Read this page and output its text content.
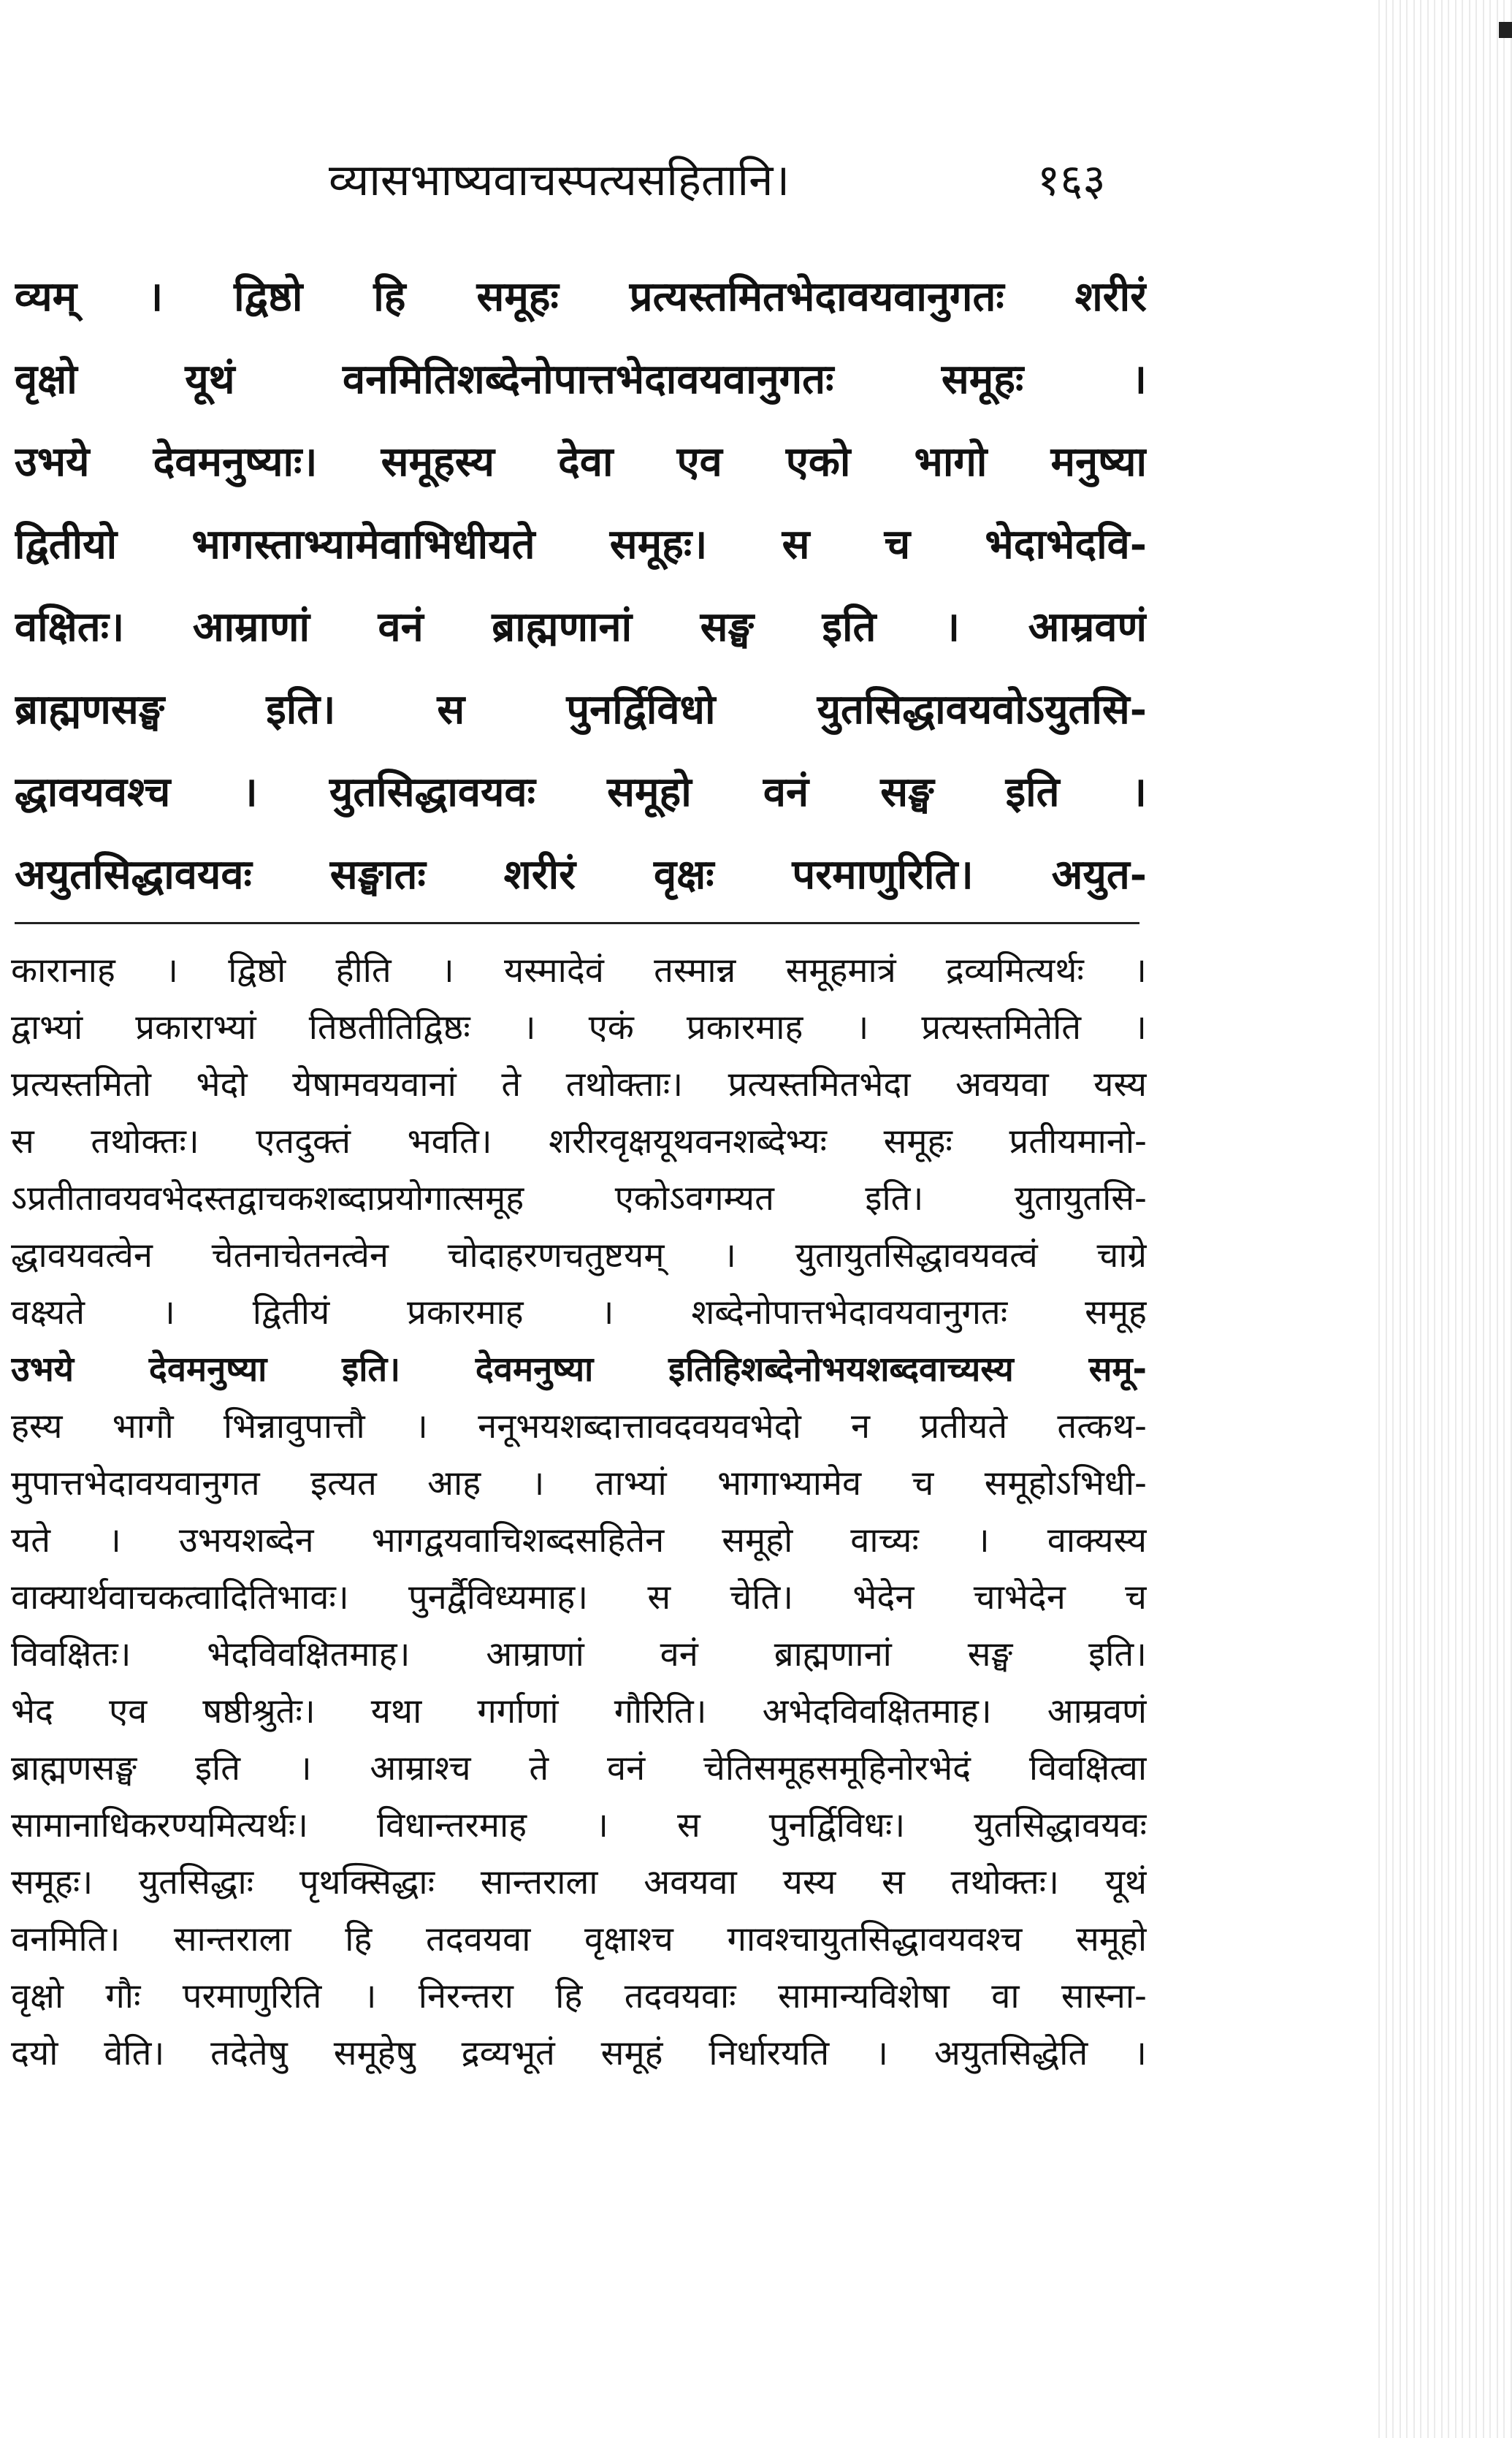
व्यासभाष्यवाचस्पत्यसहितानि।	१६३
व्यम् । द्विष्ठो हि समूहः प्रत्यस्तमितभेदावयवानुगतः शरीरं
वृक्षो यूथं वनमितिशब्देनोपात्तभेदावयवानुगतः समूहः ।
उभये देवमनुष्याः। समूहस्य देवा एव एको भागो मनुष्या
द्वितीयो भागस्ताभ्यामेवाभिधीयते समूहः। स च भेदाभेदवि-
वक्षितः। आम्राणां वनं ब्राह्मणानां सङ्घ इति । आम्रवणं
ब्राह्मणसङ्घ इति। स पुनर्द्विविधो युतसिद्धावयवोऽयुतसि-
द्धावयवश्च । युतसिद्धावयवः समूहो वनं सङ्घ इति ।
अयुतसिद्धावयवः सङ्घातः शरीरं वृक्षः परमाणुरिति। अयुत-
कारानाह । द्विष्ठो हीति । यस्मादेवं तस्मान्न समूहमात्रं द्रव्यमित्यर्थः ।
द्वाभ्यां प्रकाराभ्यां तिष्ठतीतिद्विष्ठः । एकं प्रकारमाह । प्रत्यस्तमितेति ।
प्रत्यस्तमितो भेदो येषामवयवानां ते तथोक्ताः। प्रत्यस्तमितभेदा अवयवा यस्य
स तथोक्तः। एतदुक्तं भवति। शरीरवृक्षयूथवनशब्देभ्यः समूहः प्रतीयमानो-
ऽप्रतीतावयवभेदस्तद्वाचकशब्दाप्रयोगात्समूह एकोऽवगम्यत इति। युतायुतसि-
द्धावयवत्वेन चेतनाचेतनत्वेन चोदाहरणचतुष्टयम् । युतायुतसिद्धावयवत्वं चाग्रे
वक्ष्यते । द्वितीयं प्रकारमाह । शब्देनोपात्तभेदावयवानुगतः समूह
उभये देवमनुष्या इति। देवमनुष्या इतिहिशब्देनोभयशब्दवाच्यस्य समू-
हस्य भागौ भिन्नावुपात्तौ । ननूभयशब्दात्तावदवयवभेदो न प्रतीयते तत्कथ-
मुपात्तभेदावयवानुगत इत्यत आह । ताभ्यां भागाभ्यामेव च समूहोऽभिधी-
यते । उभयशब्देन भागद्वयवाचिशब्दसहितेन समूहो वाच्यः । वाक्यस्य
वाक्यार्थवाचकत्वादितिभावः। पुनर्द्वैविध्यमाह। स चेति। भेदेन चाभेदेन च
विवक्षितः। भेदविवक्षितमाह। आम्राणां वनं ब्राह्मणानां सङ्घ इति।
भेद एव षष्ठीश्रुतेः। यथा गर्गाणां गौरिति। अभेदविवक्षितमाह। आम्रवणं
ब्राह्मणसङ्घ इति । आम्राश्च ते वनं चेतिसमूहसमूहिनोरभेदं विवक्षित्वा
सामानाधिकरण्यमित्यर्थः। विधान्तरमाह । स पुनर्द्विविधः। युतसिद्धावयवः
समूहः। युतसिद्धाः पृथक्सिद्धाः सान्तराला अवयवा यस्य स तथोक्तः। यूथं
वनमिति। सान्तराला हि तदवयवा वृक्षाश्च गावश्चायुतसिद्धावयवश्च समूहो
वृक्षो गौः परमाणुरिति । निरन्तरा हि तदवयवाः सामान्यविशेषा वा सास्ना-
दयो वेति। तदेतेषु समूहेषु द्रव्यभूतं समूहं निर्धारयति । अयुतसिद्धेति ।
